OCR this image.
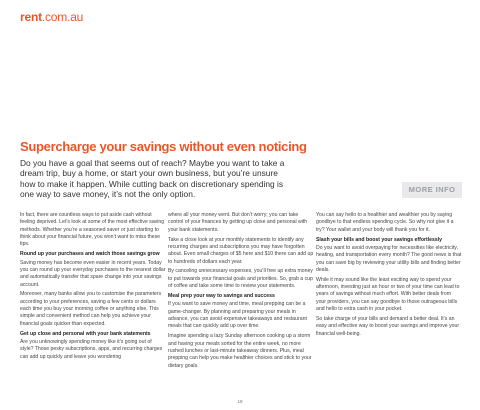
rent.com.au
Supercharge your savings without even noticing

Do you have a goal that seems out of reach? Maybe you want to take a dream trip, buy a home, or start your own business, but you’re unsure how to make it happen. While cutting back on discretionary spending is one way to save money, it’s not the only option.	MORE INFO

In fact, there are countless ways to put aside cash without feeling deprived. Let’s look at some of the most effective saving methods. Whether you’re a seasoned saver or just starting to think about your financial future, you won’t want to miss these tips.

Round up your purchases and watch those savings grow

Saving money has become even easier in recent years. Today you can round up your everyday purchases to the nearest dollar and automatically transfer that spare change into your savings account.

Moreover, many banks allow you to customise the parameters according to your preferences, saving a few cents or dollars each time you buy your morning coffee or anything else. This simple and convenient method can help you achieve your financial goals quicker than expected.

Get up close and personal with your bank statements

Are you unknowingly spending money like it’s going out of style? Those pesky subscriptions, apps, and recurring charges can add up quickly and leave you wondering

where all your money went. But don’t worry; you can take control of your finances by getting up close and personal with your bank statements.

Take a close look at your monthly statements to identify any recurring charges and subscriptions you may have forgotten about. Even small charges of $5 here and $10 there can add up to hundreds of dollars each year.

By canceling unnecessary expenses, you’ll free up extra money to put towards your financial goals and priorities. So, grab a cup of coffee and take some time to review your statements.

Meal prep your way to savings and success

If you want to save money and time, meal prepping can be a game-changer. By planning and preparing your meals in advance, you can avoid expensive takeaways and restaurant meals that can quickly add up over time.

Imagine spending a lazy Sunday afternoon cooking up a storm and having your meals sorted for the entire week, no more rushed lunches or last-minute takeaway dinners. Plus, meal prepping can help you make healthier choices and stick to your dietary goals.

You can say hello to a healthier and wealthier you by saying goodbye to that endless spending cycle. So why not give it a try? Your wallet and your body will thank you for it.

Slash your bills and boost your savings effortlessly

Do you want to avoid overpaying for necessities like electricity, heating, and transportation every month? The good news is that you can save big by reviewing your utility bills and finding better deals.

While it may sound like the least exciting way to spend your afternoon, investing just an hour or two of your time can lead to years of savings without much effort. With better deals from your providers, you can say goodbye to those outrageous bills and hello to extra cash in your pocket.

So take charge of your bills and demand a better deal. It’s an easy and effective way to boost your savings and improve your financial well-being.

18
